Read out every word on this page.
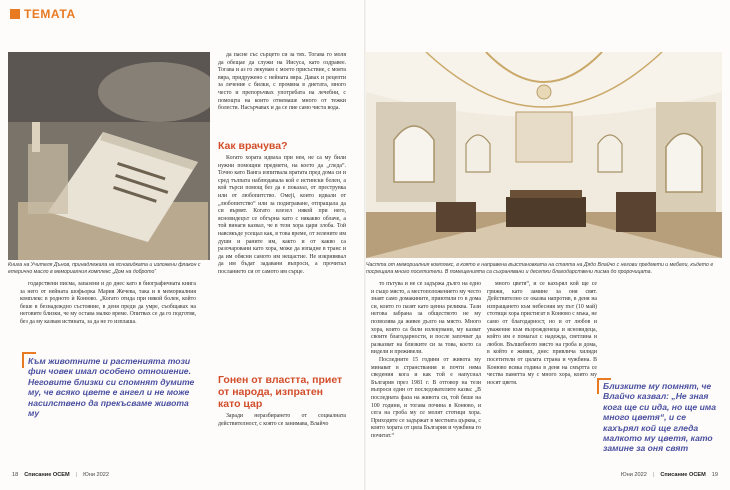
ТЕМАТА
Книга на Учителя Дънов, принадлежала на ясновидката и изложени флакон с етерично масло в мемориалния комплекс „Дом на доброто“

годарствени писма, запазени и до днес като в биографичната книга за него от нейната шофьорка Мария Жечева, така и в мемориалния комплекс в родното ѝ Конюво. „Когато отида при някой болен, който беше в безнадеждно състояние, в деня преди да умре, съобщавах на неговите близки, че му остава малко време. Опитвах се да го подготвя, без да му казвам истината, за да не го изплаша.

да пасне със сърцето си за тях. Тогава го моля да обещае да служи на Иисуса, като оздравее. Тогава и аз го лекувам с моето присъствие, с моята вяра, придружено с нейната вяра. Давах и рецепти за лечение с билки, с промяна в диетата, много често и препоръчвах употребата на лечебни, с помощта на които отнемаше много от тежки болести. Насърчавах и да се пие само чиста вода.

Как врачува?

Когато хората идваха при нея, не са му били нужни помощни предмети, на което да „гледа“. Точно като Ванга изпитвала вратата пред дома си и сред тълпата наблюдавала кой е истински болен, а кой търси помощ без да е показал, от преструвка или от любопитство. Омеji, които идвали от „любопитство“ или за подиграване, отпращала да си вървят. Когато влезел някой при него, ясновидецът се обгърна като с някакво облаче, а той винаги казвал, че в тези хора цари злоба. Той навсякъде усещал как, в това време, от зелените им души и раните им, както и от какво са разочаровани като хора, може да изпадне в транс и да им обясни самото им нещастие. Не изкривявал да им бъдат задавани въпроси, а прочитал посланието си от самото им сърце.

Гонен от властта, приет от народа, изпратен като цар

Заради неразбирането от социалната действителност, с която се занимава, Влайчо

Към животните и растенията този фин човек имал особено отношение. Неговите близки си спомнят думите му, че всяко цвете е ангел и не може насилствено да прекъсваме живота му
Частта от мемориалния комплекс, в която е направена възстановката на стаята на Дядо Влайчо с негови предмети и мебели, където е посрещала много посетители. В помещенията са съхранявани и десетки благодарствени писма до пророчицата.

то пътува и не се задържа дълго на едно и също място, а местоположението му често знаят само домакините, приютили го в дома си, които го пазят като ценна реликва. Тази негова забрана за обществото не му позволява да живее дълго на място. Много хора, които са били излекувани, му казват своите благодарности, и после започват да разказват на близките си за това, което са видели и преживели.

Последните 15 години от живота му минават в странствания и почти няма сведения кога и как той е напуснал България през 1981 г. В отговор на тези въпроси един от последователите казва: „В последната фаза на живота си, той беше на 100 години, и тогава почина в Конюво, и сега на гроба му се молят стотици хора. Приходите се задържат в местната църква, с които хората от цяла България и чужбина го почитат.“

много цветя“, и се кахърял кой ще се грижи, като замине за оня свят. Действително се оказва напротив, в деня на изпращането към небесния му път (10 май) стотици хора пристигат в Конюво с мъка, не само от благодарност, но и от любов и уважение към възрожденеца и ясновидеца, който им е помагал с надежда, светлина и любов. Вълшебното място на гроба и дома, в който е живял, днес привлича хиляди посетители от цялата страна и чужбина. В Конюво всяка година в деня на смъртта се чества паметта му с много хора, които му носят цветя.	Близките му помнят, че Влайчо казвал: „Не зная кога ще си ида, но ще има много цветя“, и се кахърял кой ще гледа малкото му цветя, като замине за оня свят
18 Списание ОСЕМ | Юни 2022	Юни 2022 | Списание ОСЕМ 19
